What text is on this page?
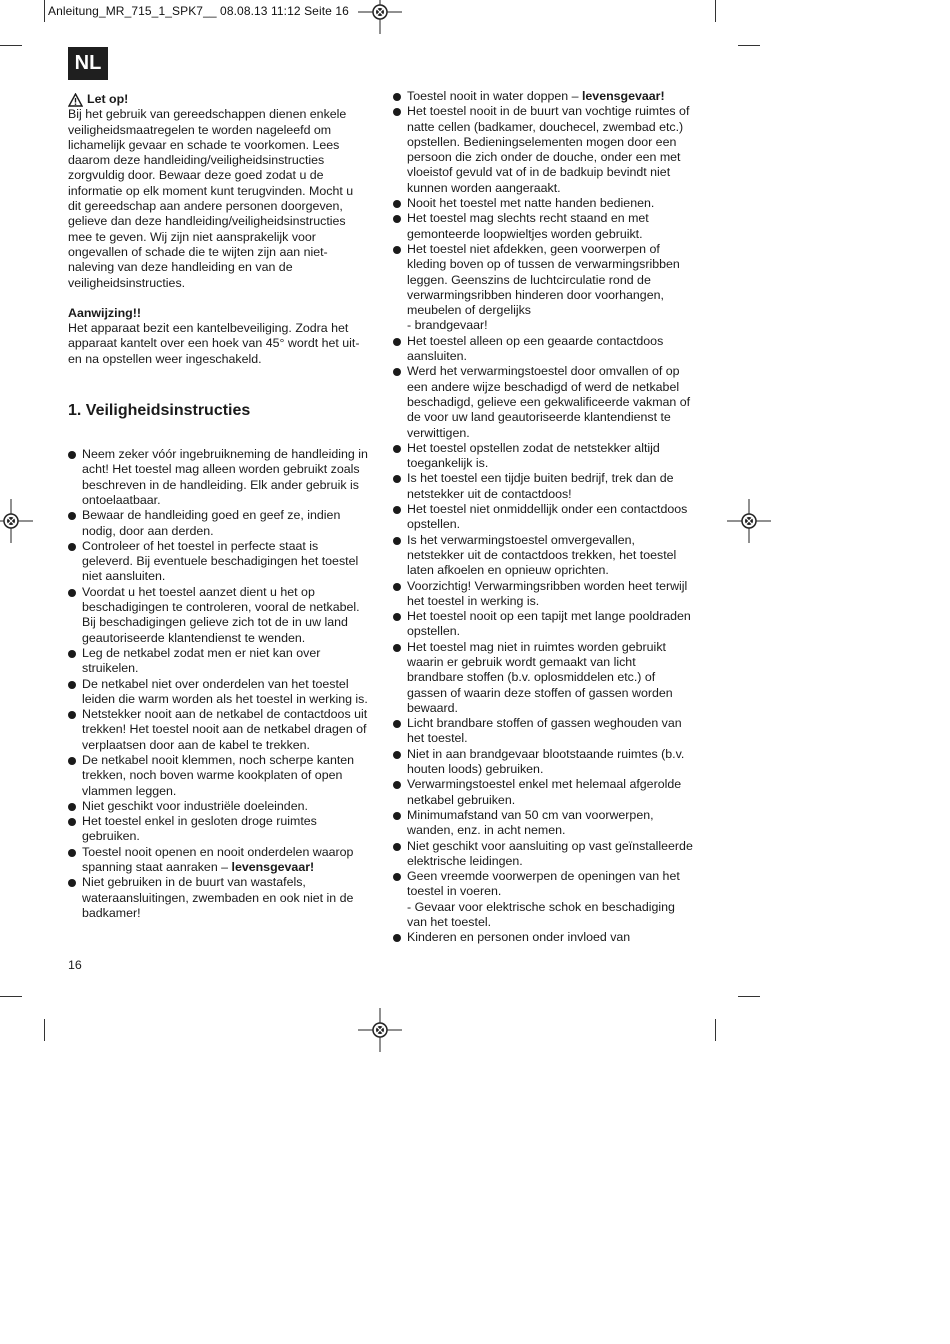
Anleitung_MR_715_1_SPK7__ 08.08.13 11:12 Seite 16
NL
Let op!

Bij het gebruik van gereedschappen dienen enkele veiligheidsmaatregelen te worden nageleefd om lichamelijk gevaar en schade te voorkomen. Lees daarom deze handleiding/veiligheidsinstructies zorgvuldig door. Bewaar deze goed zodat u de informatie op elk moment kunt terugvinden. Mocht u dit gereedschap aan andere personen doorgeven, gelieve dan deze handleiding/veiligheidsinstructies mee te geven. Wij zijn niet aansprakelijk voor ongevallen of schade die te wijten zijn aan niet-naleving van deze handleiding en van de veiligheidsinstructies.

Aanwijzing!!

Het apparaat bezit een kantelbeveiliging. Zodra het apparaat kantelt over een hoek van 45° wordt het uit- en na opstellen weer ingeschakeld.

1. Veiligheidsinstructies
Neem zeker vóór ingebruikneming de handleiding in acht! Het toestel mag alleen worden gebruikt zoals beschreven in de handleiding. Elk ander gebruik is ontoelaatbaar.
Bewaar de handleiding goed en geef ze, indien nodig, door aan derden.
Controleer of het toestel in perfecte staat is geleverd. Bij eventuele beschadigingen het toestel niet aansluiten.
Voordat u het toestel aanzet dient u het op beschadigingen te controleren, vooral de netkabel. Bij beschadigingen gelieve zich tot de in uw land geautoriseerde klantendienst te wenden.
Leg de netkabel zodat men er niet kan over struikelen.
De netkabel niet over onderdelen van het toestel leiden die warm worden als het toestel in werking is.
Netstekker nooit aan de netkabel de contactdoos uit trekken! Het toestel nooit aan de netkabel dragen of verplaatsen door aan de kabel te trekken.
De netkabel nooit klemmen, noch scherpe kanten trekken, noch boven warme kookplaten of open vlammen leggen.
Niet geschikt voor industriële doeleinden.
Het toestel enkel in gesloten droge ruimtes gebruiken.
Toestel nooit openen en nooit onderdelen waarop spanning staat aanraken – levensgevaar!
Niet gebruiken in de buurt van wastafels, wateraansluitingen, zwembaden en ook niet in de badkamer!
Toestel nooit in water doppen – levensgevaar!
Het toestel nooit in de buurt van vochtige ruimtes of natte cellen (badkamer, douchecel, zwembad etc.) opstellen. Bedieningselementen mogen door een persoon die zich onder de douche, onder een met vloeistof gevuld vat of in de badkuip bevindt niet kunnen worden aangeraakt.
Nooit het toestel met natte handen bedienen.
Het toestel mag slechts recht staand en met gemonteerde loopwieltjes worden gebruikt.
Het toestel niet afdekken, geen voorwerpen of kleding boven op of tussen de verwarmingsribben leggen. Geenszins de luchtcirculatie rond de verwarmingsribben hinderen door voorhangen, meubelen of dergelijks
- brandgevaar!
Het toestel alleen op een geaarde contactdoos aansluiten.
Werd het verwarmingstoestel door omvallen of op een andere wijze beschadigd of werd de netkabel beschadigd, gelieve een gekwalificeerde vakman of de voor uw land geautoriseerde klantendienst te verwittigen.
Het toestel opstellen zodat de netstekker altijd toegankelijk is.
Is het toestel een tijdje buiten bedrijf, trek dan de netstekker uit de contactdoos!
Het toestel niet onmiddellijk onder een contactdoos opstellen.
Is het verwarmingstoestel omvergevallen, netstekker uit de contactdoos trekken, het toestel laten afkoelen en opnieuw oprichten.
Voorzichtig! Verwarmingsribben worden heet terwijl het toestel in werking is.
Het toestel nooit op een tapijt met lange pooldraden opstellen.
Het toestel mag niet in ruimtes worden gebruikt waarin er gebruik wordt gemaakt van licht brandbare stoffen (b.v. oplosmiddelen etc.) of gassen of waarin deze stoffen of gassen worden bewaard.
Licht brandbare stoffen of gassen weghouden van het toestel.
Niet in aan brandgevaar blootstaande ruimtes (b.v. houten loods) gebruiken.
Verwarmingstoestel enkel met helemaal afgerolde netkabel gebruiken.
Minimumafstand van 50 cm van voorwerpen, wanden, enz. in acht nemen.
Niet geschikt voor aansluiting op vast geïnstalleerde elektrische leidingen.
Geen vreemde voorwerpen de openingen van het toestel in voeren.
- Gevaar voor elektrische schok en beschadiging van het toestel.
Kinderen en personen onder invloed van
16
